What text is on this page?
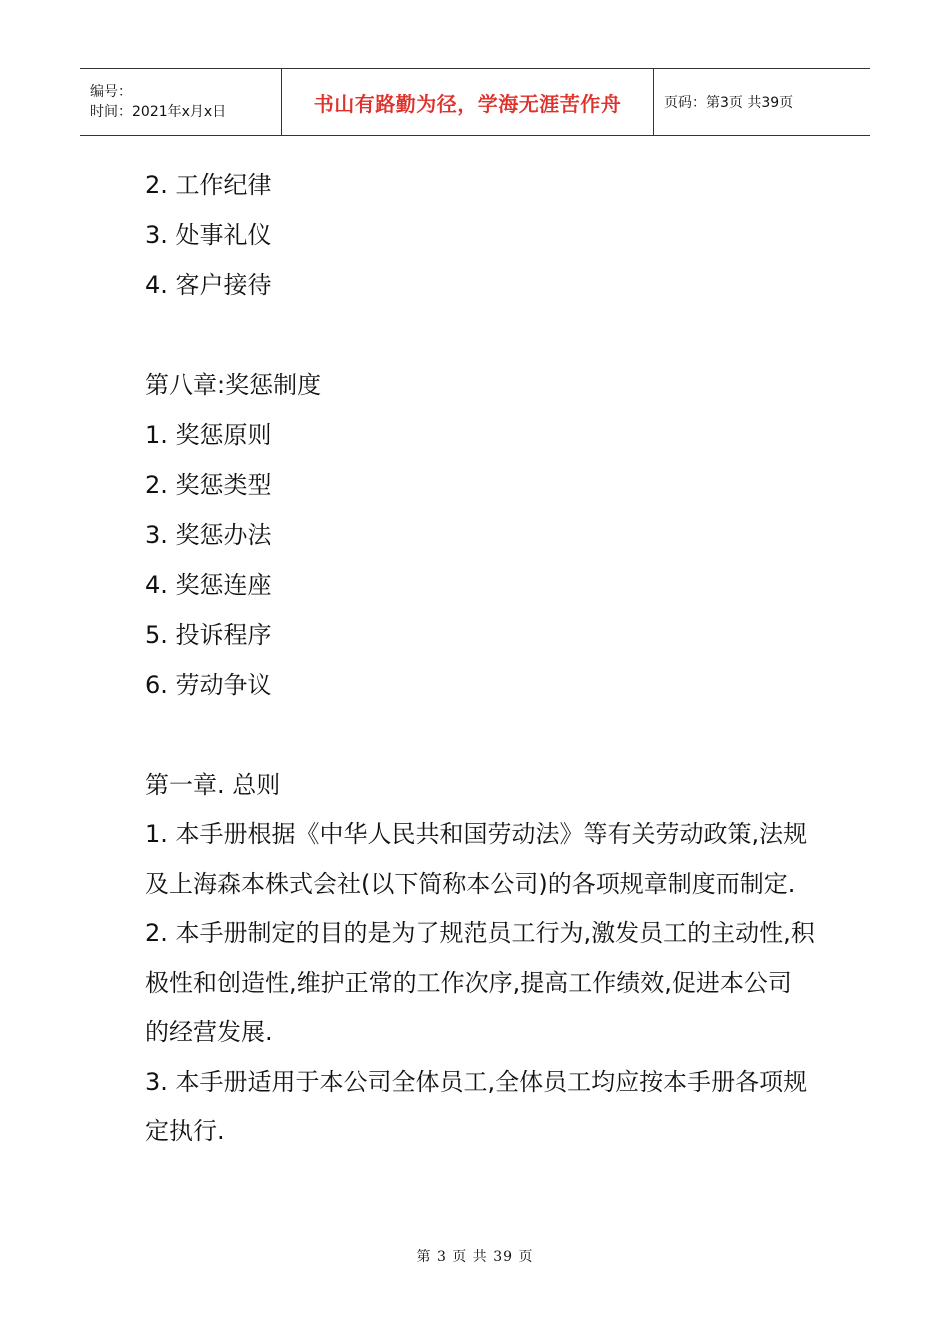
编号：
时间：2021年x月x日	书山有路勤为径，学海无涯苦作舟	页码：第3页 共39页
2. 工作纪律
3. 处事礼仪
4. 客户接待
第八章:奖惩制度
1. 奖惩原则
2. 奖惩类型
3. 奖惩办法
4. 奖惩连座
5. 投诉程序
6. 劳动争议
第一章. 总则

1. 本手册根据《中华人民共和国劳动法》等有关劳动政策,法规及上海森本株式会社(以下简称本公司)的各项规章制度而制定.

2. 本手册制定的目的是为了规范员工行为,激发员工的主动性,积极性和创造性,维护正常的工作次序,提高工作绩效,促进本公司的经营发展.

3. 本手册适用于本公司全体员工,全体员工均应按本手册各项规定执行.

第 3 页 共 39 页
